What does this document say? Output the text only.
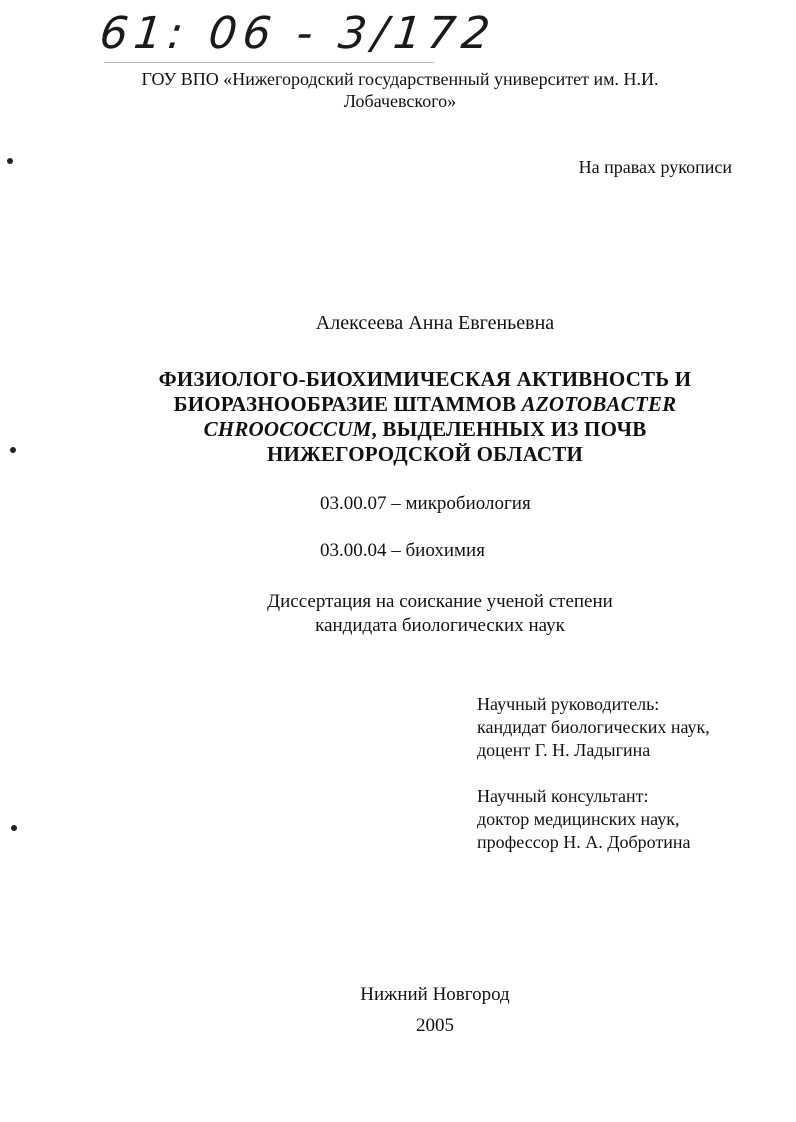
61: 06 - 3/172
ГОУ ВПО «Нижегородский государственный университет им. Н.И.
Лобачевского»
На правах рукописи
Алексеева Анна Евгеньевна
ФИЗИОЛОГО-БИОХИМИЧЕСКАЯ АКТИВНОСТЬ И
БИОРАЗНООБРАЗИЕ ШТАММОВ AZOTOBACTER
CHROOCOCCUM, ВЫДЕЛЕННЫХ ИЗ ПОЧВ
НИЖЕГОРОДСКОЙ ОБЛАСТИ
03.00.07 – микробиология
03.00.04 – биохимия
Диссертация на соискание ученой степени
кандидата биологических наук
Научный руководитель:
кандидат биологических наук,
доцент Г. Н. Ладыгина
Научный консультант:
доктор медицинских наук,
профессор Н. А. Добротина
Нижний Новгород
2005
